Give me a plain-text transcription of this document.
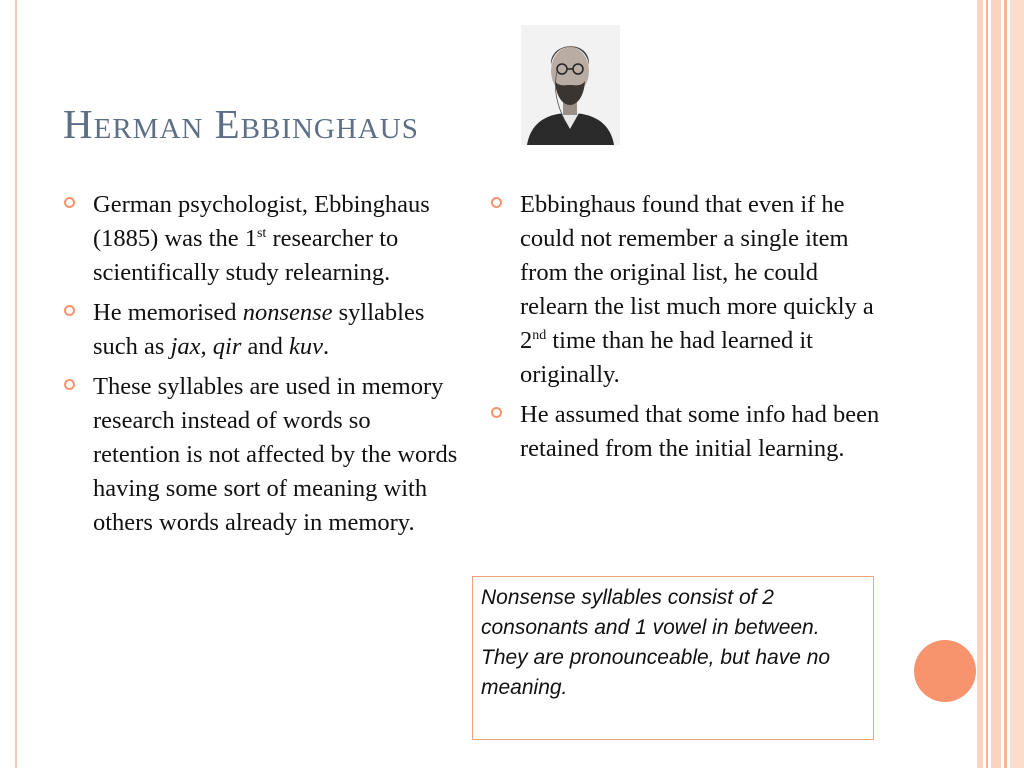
Herman Ebbinghaus
German psychologist, Ebbinghaus (1885) was the 1st researcher to scientifically study relearning.
He memorised nonsense syllables such as jax, qir and kuv.
These syllables are used in memory research instead of words so retention is not affected by the words having some sort of meaning with others words already in memory.
Ebbinghaus found that even if he could not remember a single item from the original list, he could relearn the list much more quickly a 2nd time than he had learned it originally.
He assumed that some info had been retained from the initial learning.
Nonsense syllables consist of 2 consonants and 1 vowel in between. They are pronounceable, but have no meaning.
